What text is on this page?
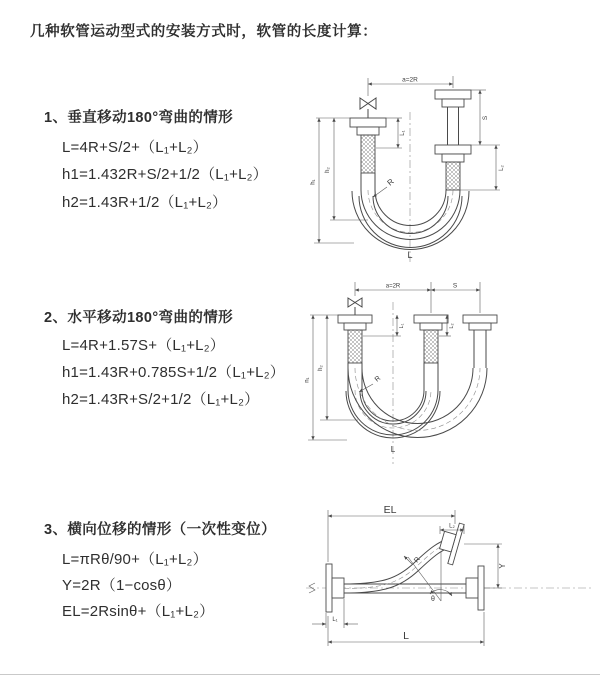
几种软管运动型式的安装方式时，软管的长度计算：
1、垂直移动180°弯曲的情形
L=4R+S/2+（L₁+L₂）
h1=1.432R+S/2+1/2（L₁+L₂）
h2=1.43R+1/2（L₁+L₂）
2、水平移动180°弯曲的情形
L=4R+1.57S+（L₁+L₂）
h1=1.43R+0.785S+1/2（L₁+L₂）
h2=1.43R+S/2+1/2（L₁+L₂）
3、横向位移的情形（一次性变位）
L=πRθ/90+（L₁+L₂）
Y=2R（1−cosθ）
EL=2Rsinθ+（L₁+L₂）
a=2R
R
L
S
L₂
L₁
h₂
h₁
a=2R	S
R
L
L₁	L₂
h₂
h₁
EL
L₂
Y
R
θ
L
L₁
